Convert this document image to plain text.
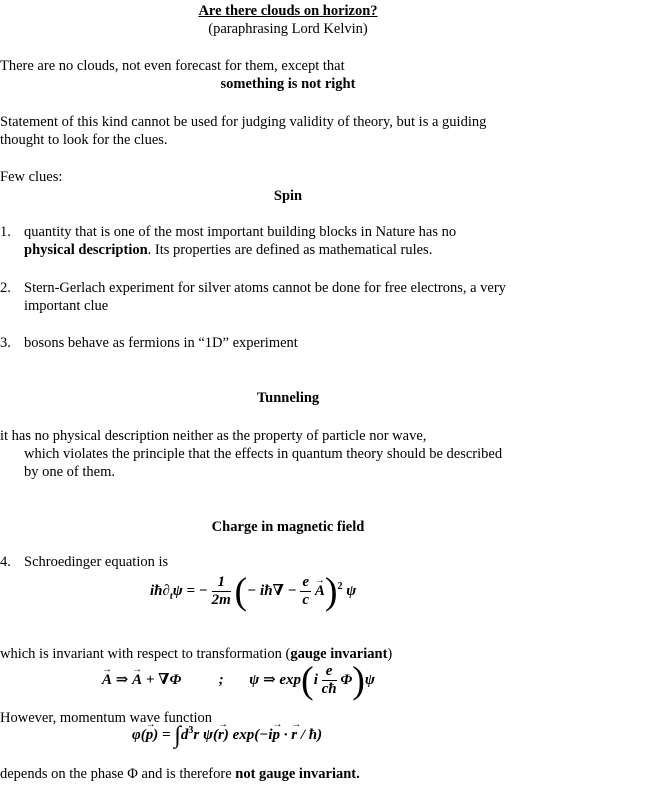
Are there clouds on horizon?
(paraphrasing Lord Kelvin)
There are no clouds, not even forecast for them, except that
something is not right
Statement of this kind cannot be used for judging validity of theory, but is a guiding
thought to look for the clues.
Few clues:
Spin
1. quantity that is one of the most important building blocks in Nature has no
physical description. Its properties are defined as mathematical rules.
2. Stern-Gerlach experiment for silver atoms cannot be done for free electrons, a very
important clue
3. bosons behave as fermions in “1D” experiment
Tunneling
it has no physical description neither as the property of particle nor wave,
which violates the principle that the effects in quantum theory should be described
by one of them.
Charge in magnetic field
4. Schroedinger equation is
$iħ\partial_t\psi$ = − $\frac{1}{2m}$ (− iħ∇ − $\frac{e}{c}$
→ A)$^2$ ψ
which is invariant with respect to transformation (gauge invariant)
→ A ⇒ → A + ∇Φ	; ψ ⇒ $\exp(i \frac{e}{cħ} \Phi)\psi$
However, momentum wave function
$\varphi(\to p) = \int d^3r$ ψ(→ r) exp(−i→ p · → r / ħ)
depends on the phase Φ and is therefore not gauge invariant.
